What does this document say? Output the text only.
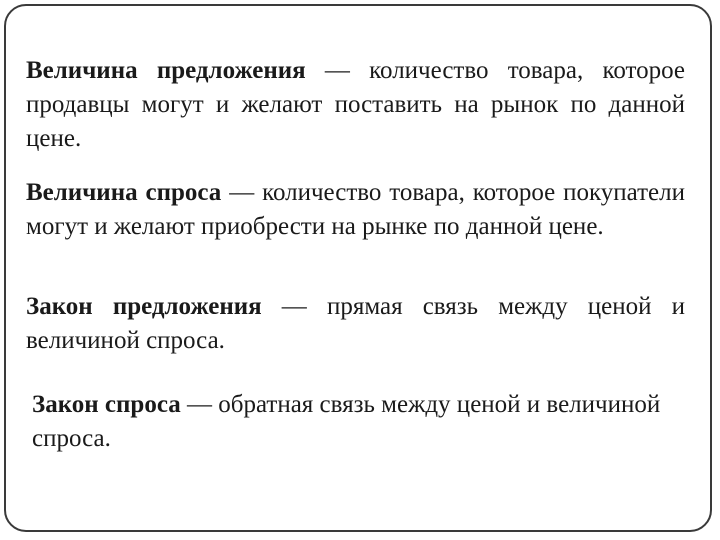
Величина предложения — количество товара, которое продавцы могут и желают поставить на рынок по данной цене.

Величина спроса — количество товара, которое покупатели могут и желают приобрести на рынке по данной цене.

Закон предложения — прямая связь между ценой и величиной спроса.

Закон спроса — обратная связь между ценой и величиной спроса.
